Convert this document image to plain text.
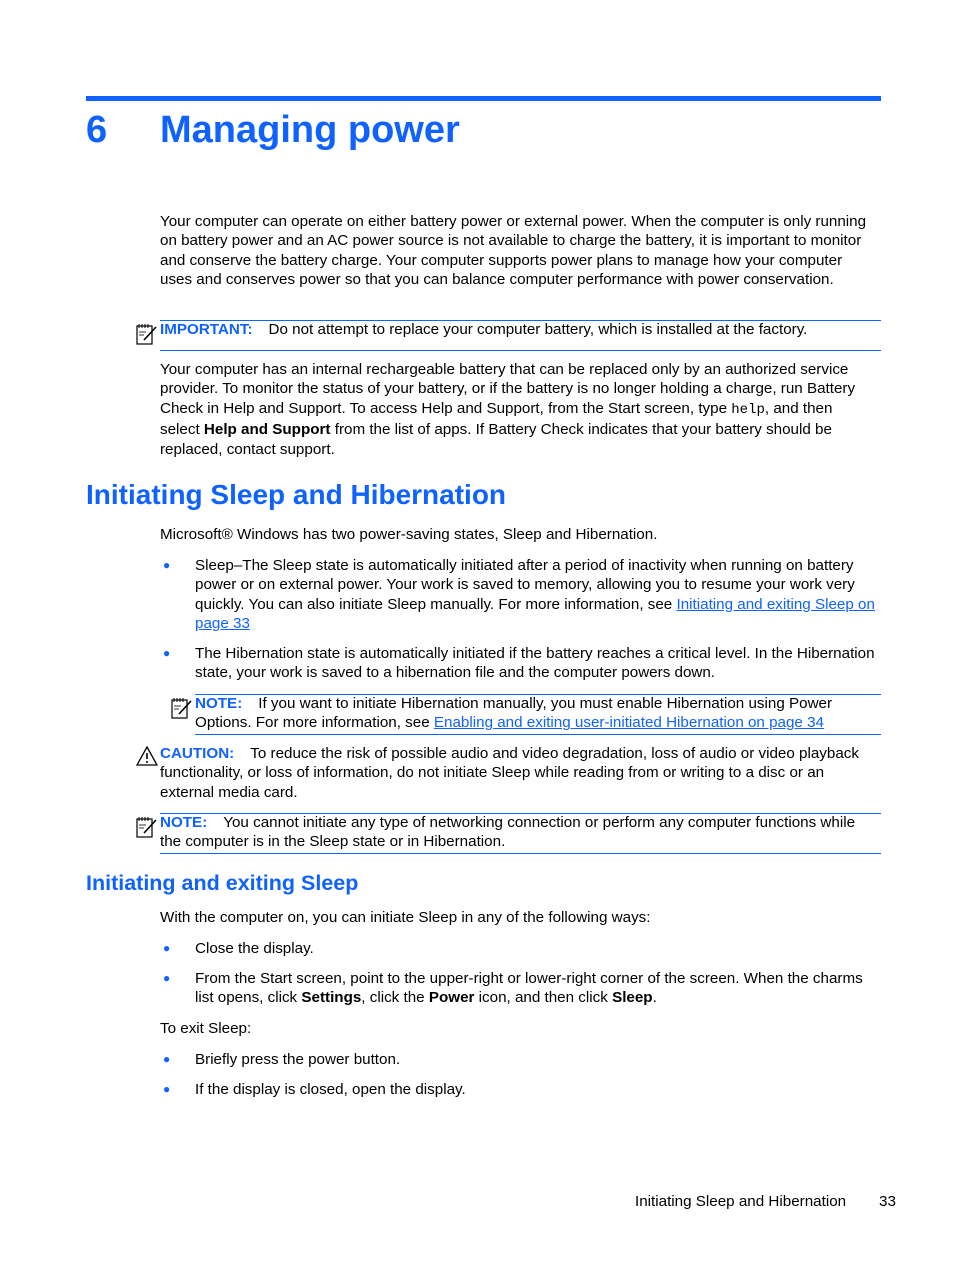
6 Managing power
Your computer can operate on either battery power or external power. When the computer is only running on battery power and an AC power source is not available to charge the battery, it is important to monitor and conserve the battery charge. Your computer supports power plans to manage how your computer uses and conserves power so that you can balance computer performance with power conservation.
IMPORTANT: Do not attempt to replace your computer battery, which is installed at the factory.
Your computer has an internal rechargeable battery that can be replaced only by an authorized service provider. To monitor the status of your battery, or if the battery is no longer holding a charge, run Battery Check in Help and Support. To access Help and Support, from the Start screen, type help, and then select Help and Support from the list of apps. If Battery Check indicates that your battery should be replaced, contact support.
Initiating Sleep and Hibernation
Microsoft® Windows has two power-saving states, Sleep and Hibernation.
● Sleep–The Sleep state is automatically initiated after a period of inactivity when running on battery power or on external power. Your work is saved to memory, allowing you to resume your work very quickly. You can also initiate Sleep manually. For more information, see Initiating and exiting Sleep on page 33
● The Hibernation state is automatically initiated if the battery reaches a critical level. In the Hibernation state, your work is saved to a hibernation file and the computer powers down.
NOTE: If you want to initiate Hibernation manually, you must enable Hibernation using Power Options. For more information, see Enabling and exiting user-initiated Hibernation on page 34
CAUTION: To reduce the risk of possible audio and video degradation, loss of audio or video playback functionality, or loss of information, do not initiate Sleep while reading from or writing to a disc or an external media card.
NOTE: You cannot initiate any type of networking connection or perform any computer functions while the computer is in the Sleep state or in Hibernation.
Initiating and exiting Sleep
With the computer on, you can initiate Sleep in any of the following ways:
● Close the display.
● From the Start screen, point to the upper-right or lower-right corner of the screen. When the charms list opens, click Settings, click the Power icon, and then click Sleep.
To exit Sleep:
● Briefly press the power button.
● If the display is closed, open the display.
Initiating Sleep and Hibernation 33
